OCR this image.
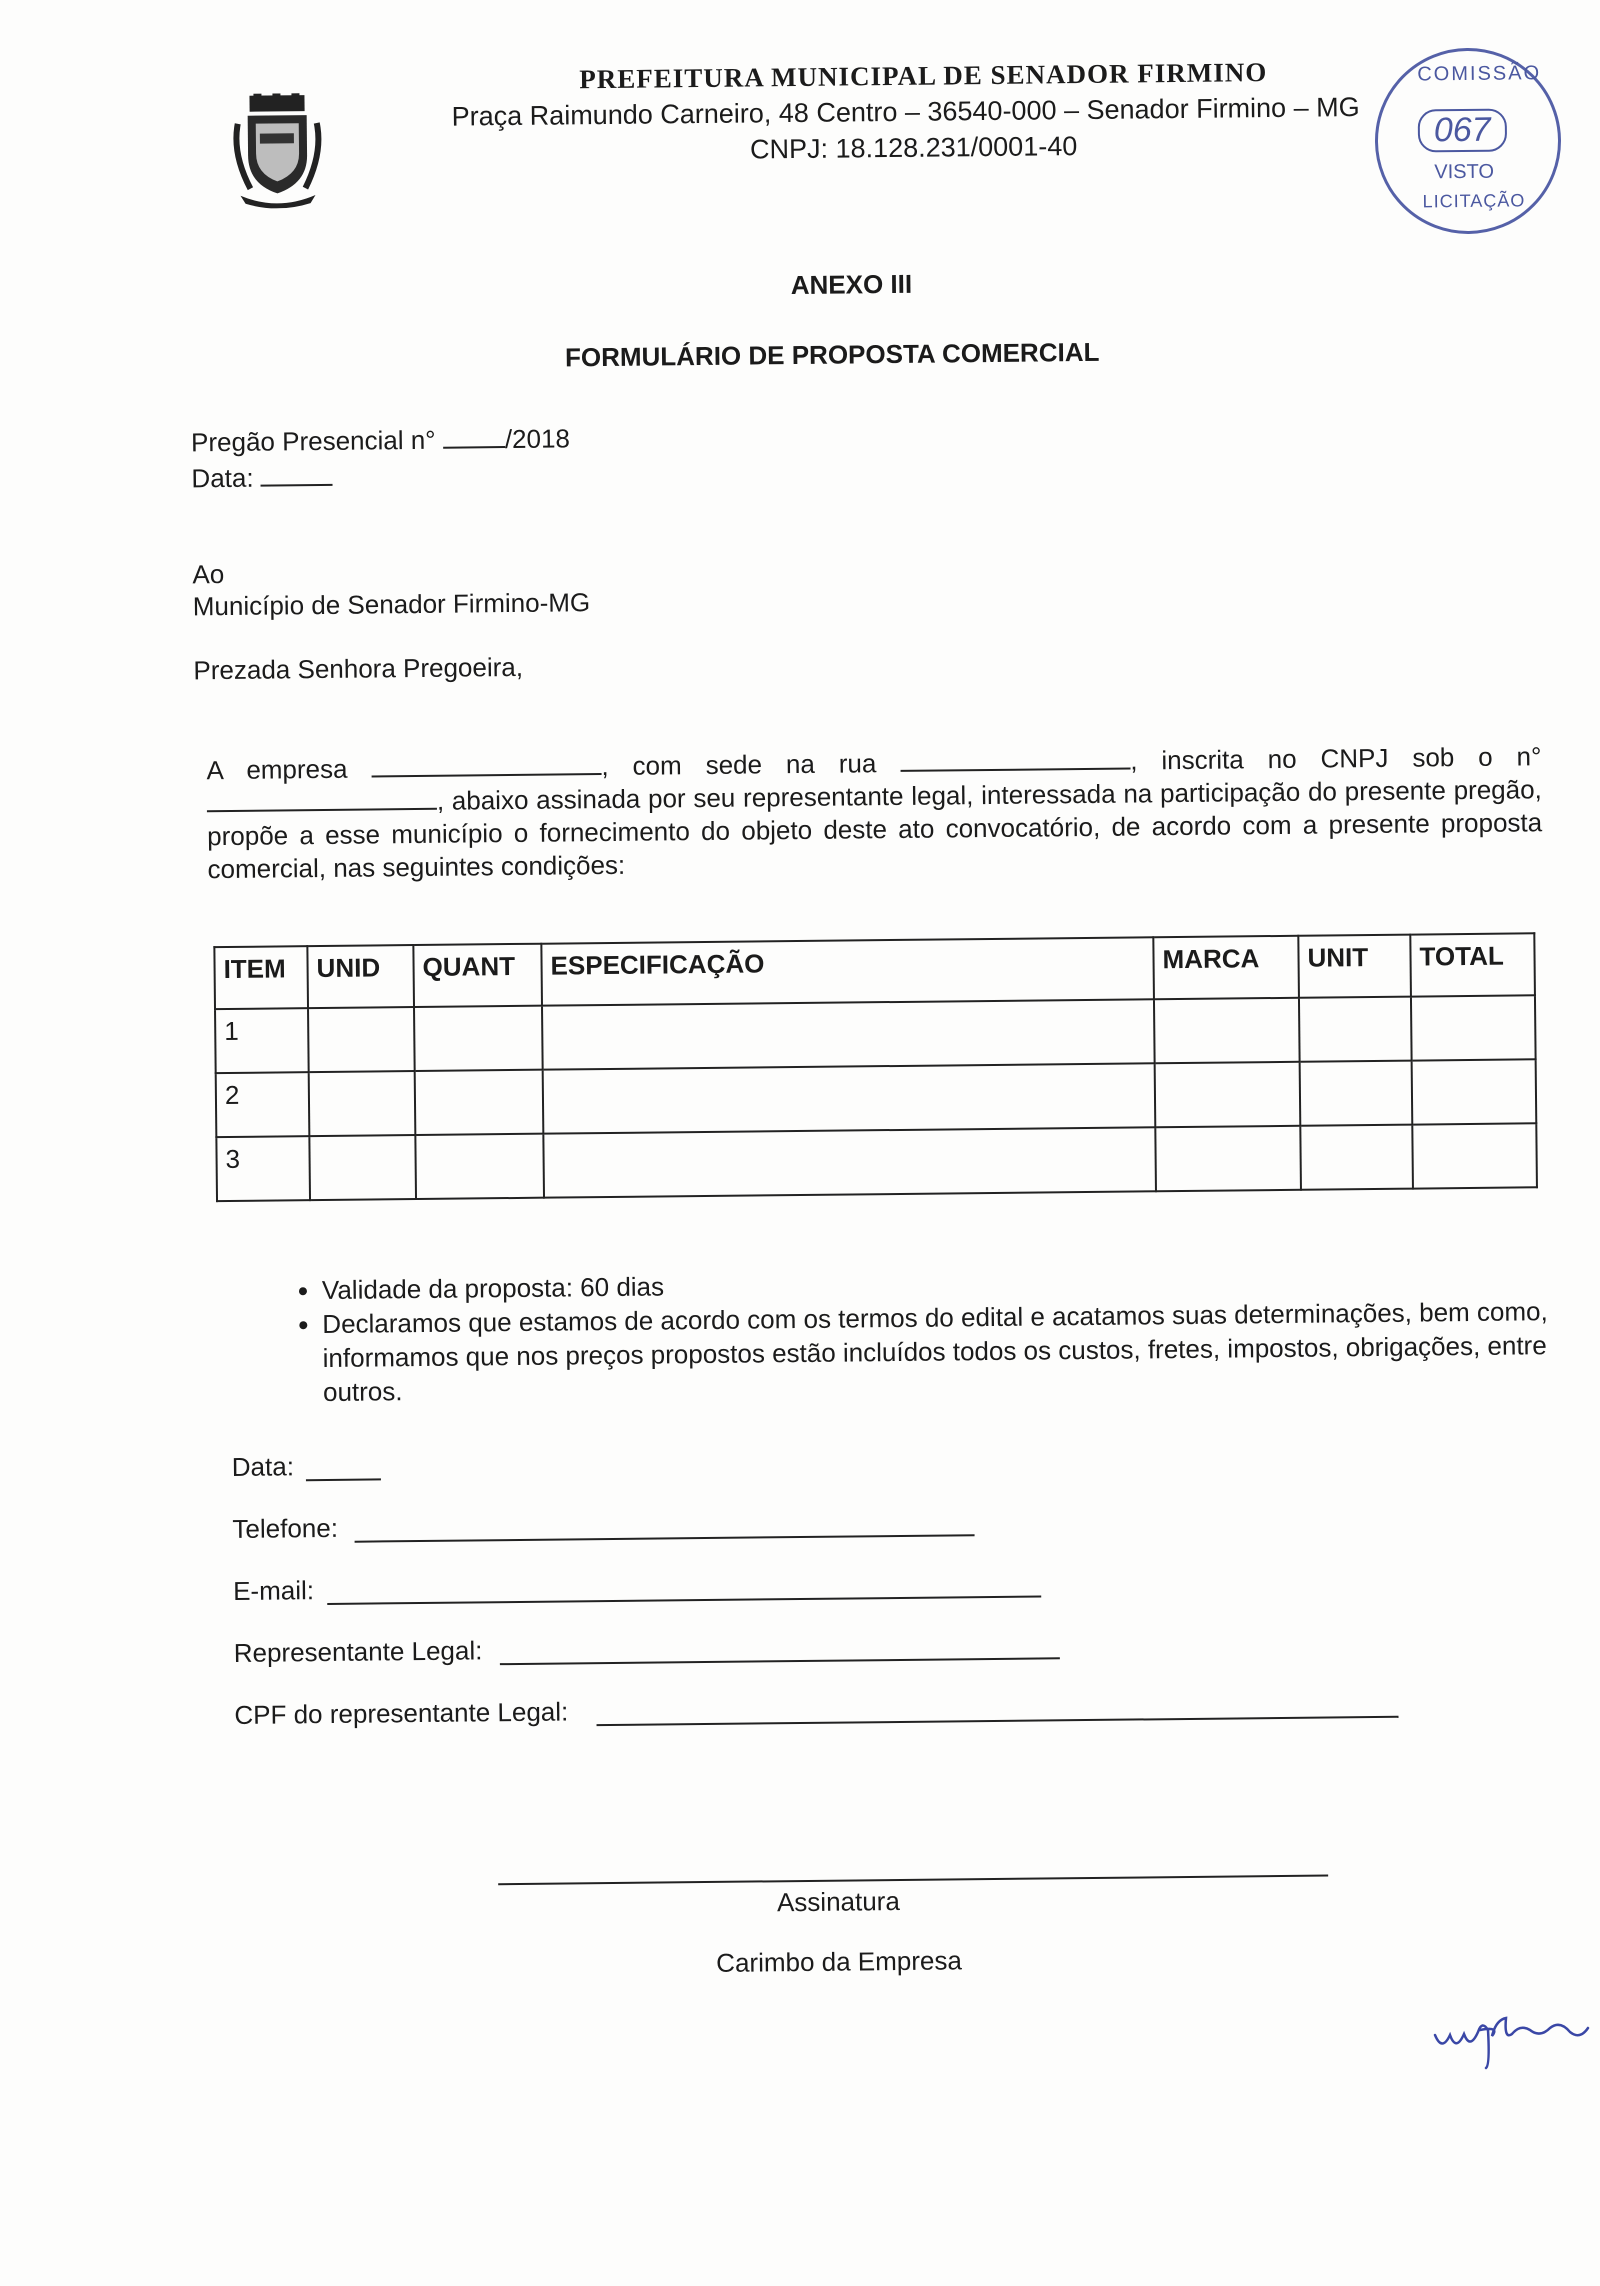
PREFEITURA MUNICIPAL DE SENADOR FIRMINO
Praça Raimundo Carneiro, 48 Centro – 36540-000 – Senador Firmino – MG
CNPJ: 18.128.231/0001-40
COMISSÃO
067
VISTO
LICITAÇÃO
ANEXO III
FORMULÁRIO DE PROPOSTA COMERCIAL
Pregão Presencial n°	/2018
Data:
Ao
Município de Senador Firmino-MG
Prezada Senhora Pregoeira,
A empresa	, com sede na rua	, inscrita no CNPJ sob o n° , abaixo assinada por seu representante legal, interessada na participação do presente pregão, propõe a esse município o fornecimento do objeto deste ato convocatório, de acordo com a presente proposta comercial, nas seguintes condições:
ITEM	UNID	QUANT	ESPECIFICAÇÃO	MARCA	UNIT	TOTAL
1						
2						
3						
• Validade da proposta: 60 dias
• Declaramos que estamos de acordo com os termos do edital e acatamos suas determinações, bem como, informamos que nos preços propostos estão incluídos todos os custos, fretes, impostos, obrigações, entre outros.
Data:
Telefone:
E-mail:
Representante Legal:
CPF do representante Legal:
Assinatura
Carimbo da Empresa
